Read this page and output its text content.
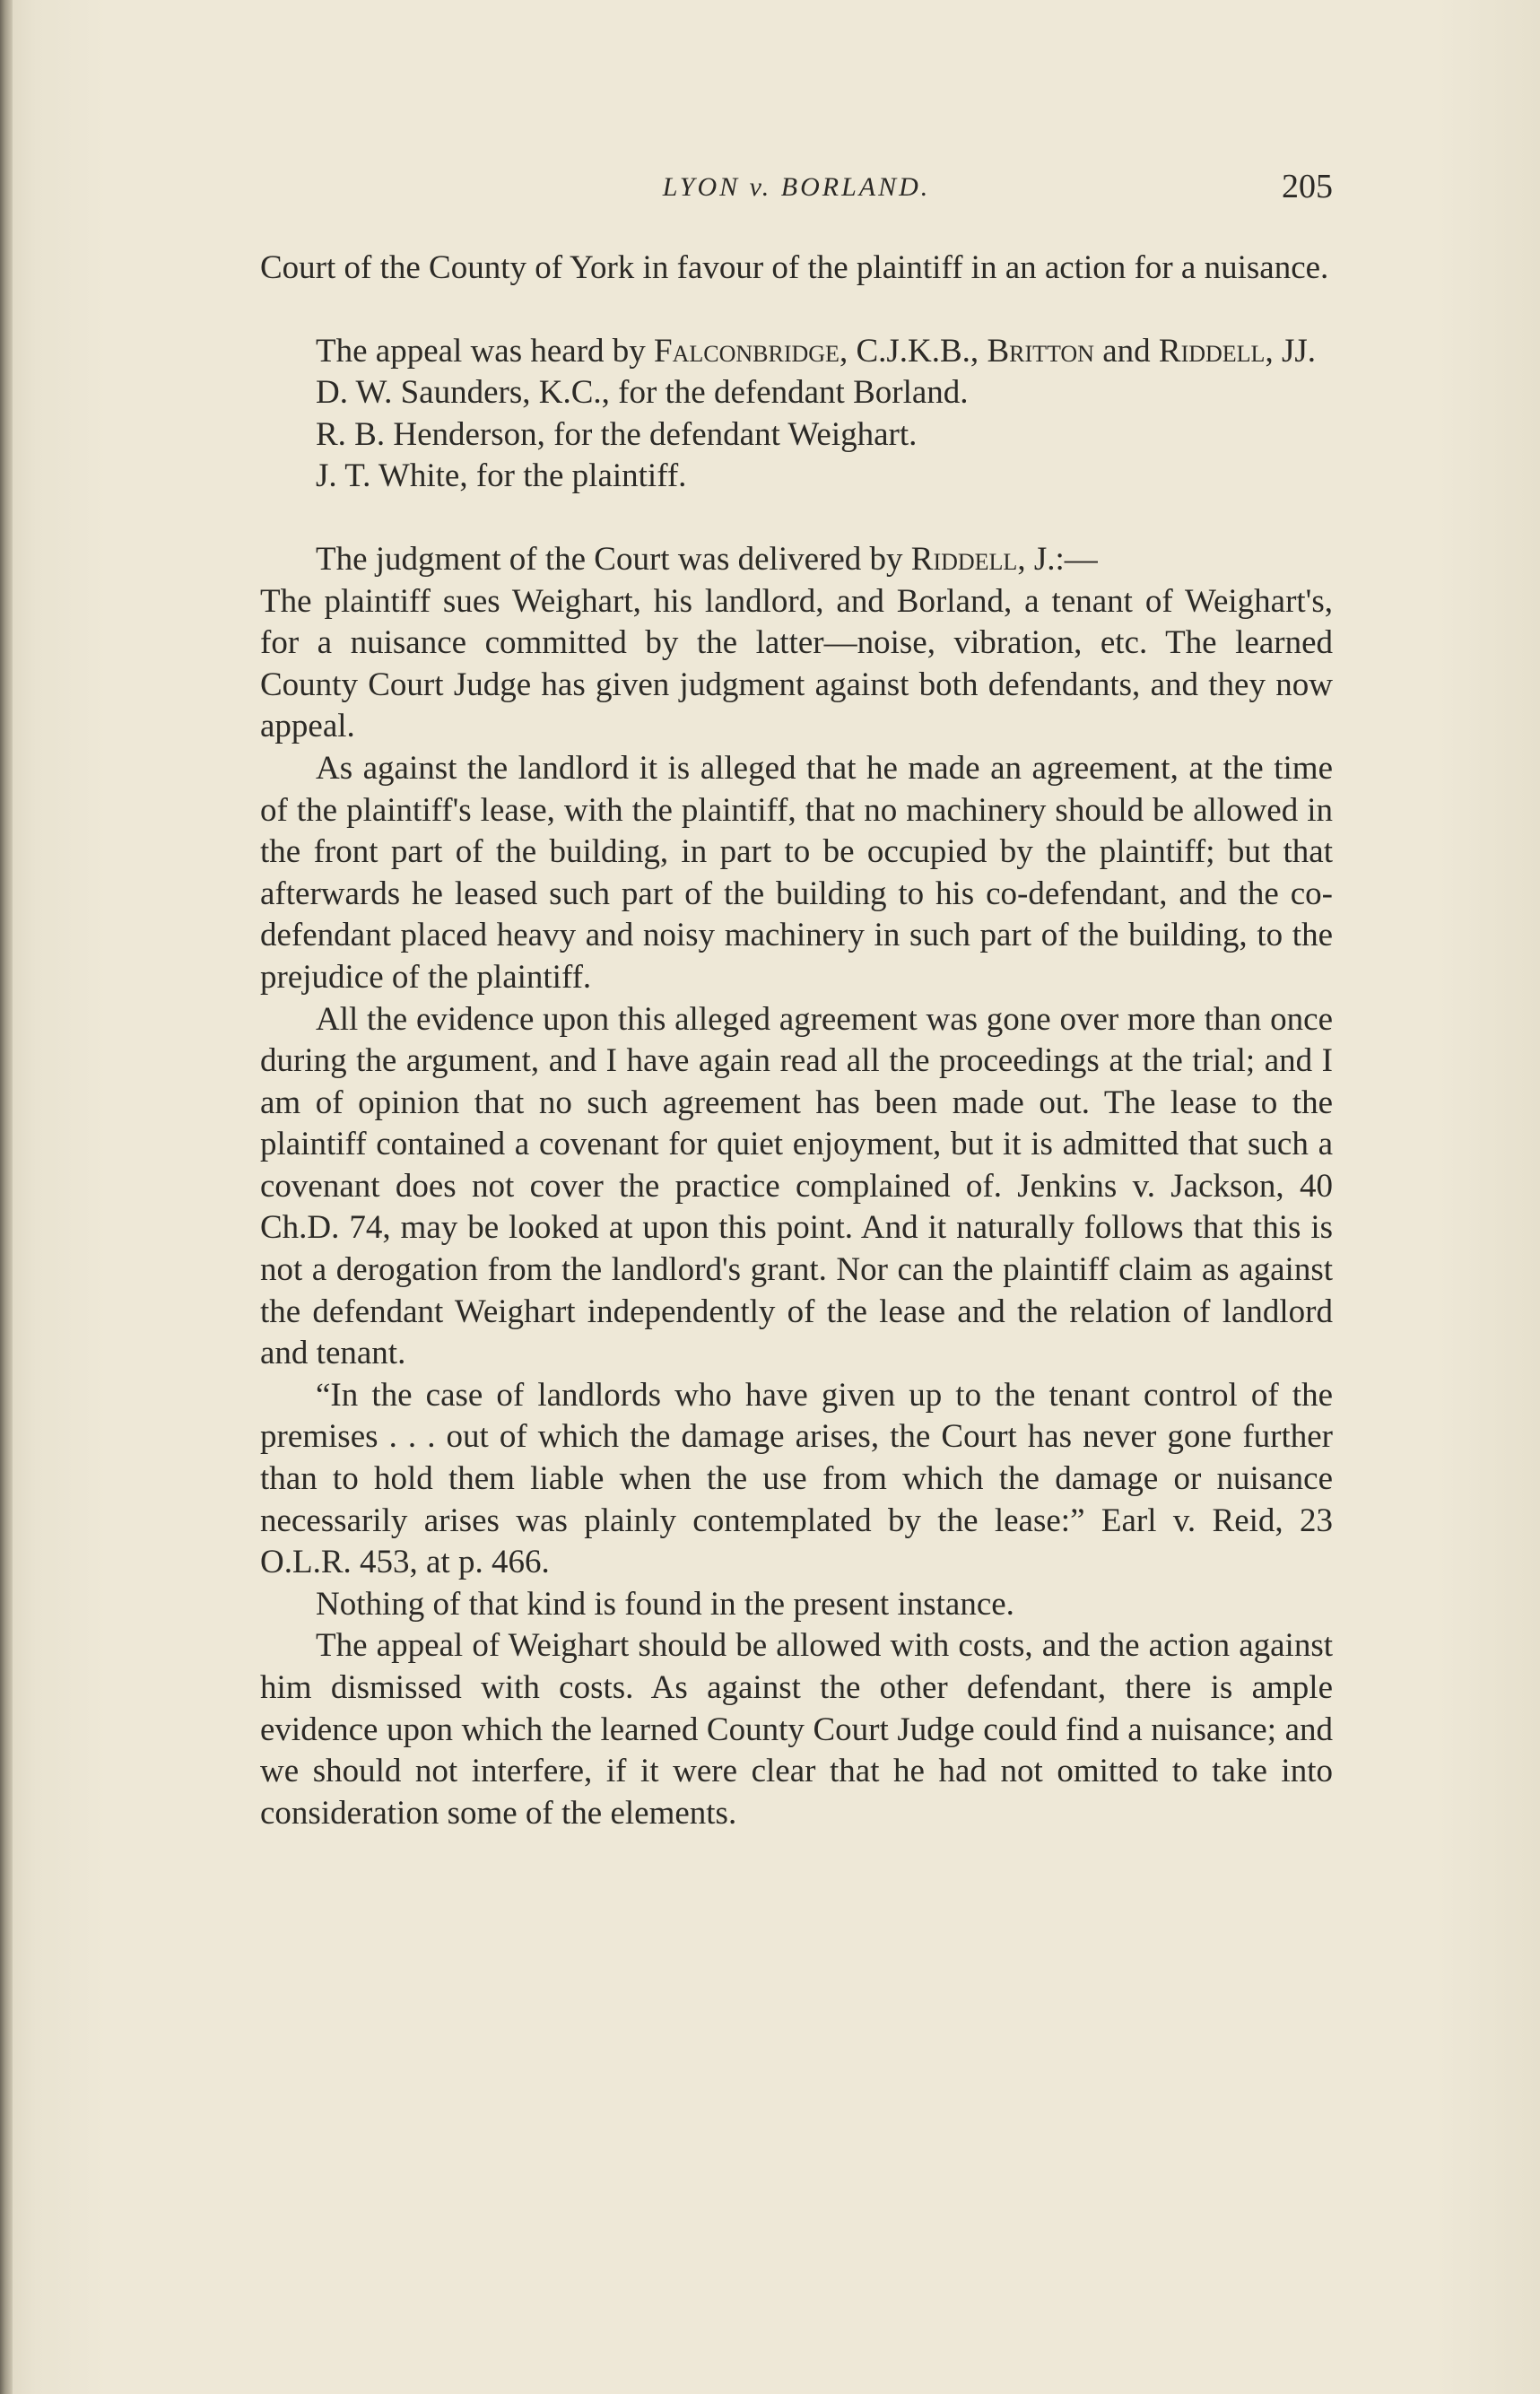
LYON v. BORLAND.	205

Court of the County of York in favour of the plaintiff in an action for a nuisance.

The appeal was heard by Falconbridge, C.J.K.B., Britton and Riddell, JJ.

D. W. Saunders, K.C., for the defendant Borland.

R. B. Henderson, for the defendant Weighart.

J. T. White, for the plaintiff.

The judgment of the Court was delivered by Riddell, J.:—

The plaintiff sues Weighart, his landlord, and Borland, a tenant of Weighart's, for a nuisance committed by the latter—noise, vibration, etc. The learned County Court Judge has given judgment against both defendants, and they now appeal.

As against the landlord it is alleged that he made an agreement, at the time of the plaintiff's lease, with the plaintiff, that no machinery should be allowed in the front part of the building, in part to be occupied by the plaintiff; but that afterwards he leased such part of the building to his co-defendant, and the co-defendant placed heavy and noisy machinery in such part of the building, to the prejudice of the plaintiff.

All the evidence upon this alleged agreement was gone over more than once during the argument, and I have again read all the proceedings at the trial; and I am of opinion that no such agreement has been made out. The lease to the plaintiff contained a covenant for quiet enjoyment, but it is admitted that such a covenant does not cover the practice complained of. Jenkins v. Jackson, 40 Ch.D. 74, may be looked at upon this point. And it naturally follows that this is not a derogation from the landlord's grant. Nor can the plaintiff claim as against the defendant Weighart independently of the lease and the relation of landlord and tenant.

“In the case of landlords who have given up to the tenant control of the premises . . . out of which the damage arises, the Court has never gone further than to hold them liable when the use from which the damage or nuisance necessarily arises was plainly contemplated by the lease:” Earl v. Reid, 23 O.L.R. 453, at p. 466.

Nothing of that kind is found in the present instance.

The appeal of Weighart should be allowed with costs, and the action against him dismissed with costs. As against the other defendant, there is ample evidence upon which the learned County Court Judge could find a nuisance; and we should not interfere, if it were clear that he had not omitted to take into consideration some of the elements.
